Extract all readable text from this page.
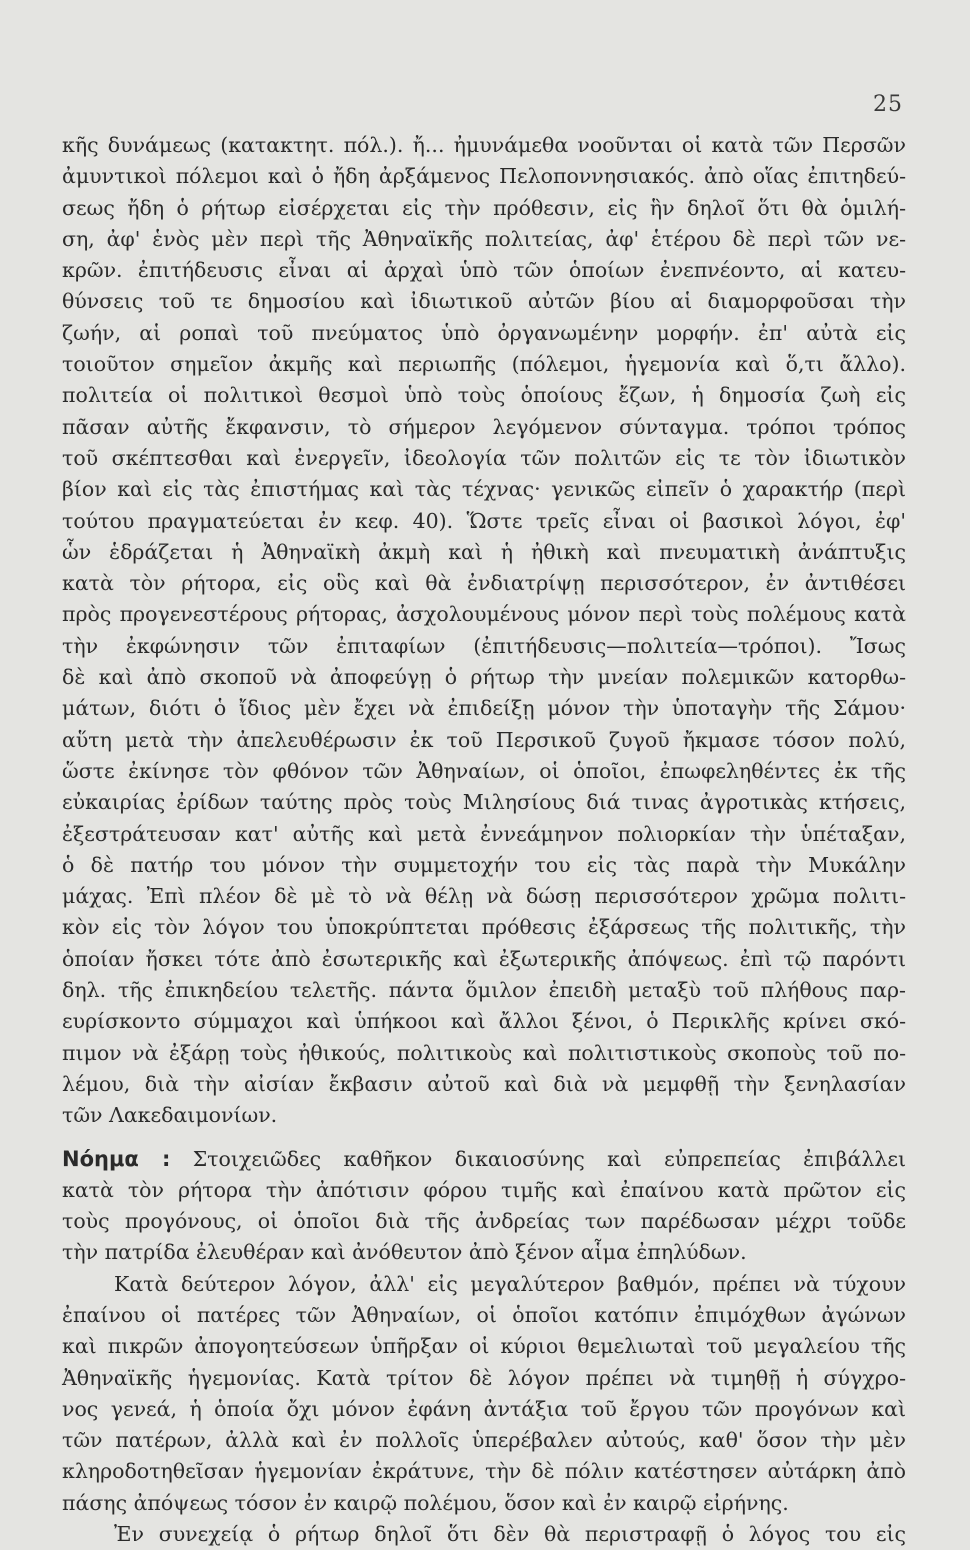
25

κῆς δυνάμεως (κατακτητ. πόλ.). ἤ... ἠμυνάμεθα νοοῦνται οἱ κατὰ τῶν Περσῶν
ἀμυντικοὶ πόλεμοι καὶ ὁ ἤδη ἀρξάμενος Πελοποννησιακός. ἀπὸ οἵας ἐπιτηδεύ-
σεως ἤδη ὁ ρήτωρ εἰσέρχεται εἰς τὴν πρόθεσιν, εἰς ἣν δηλοῖ ὅτι θὰ ὁμιλή-
ση, ἀφ' ἑνὸς μὲν περὶ τῆς Ἀθηναϊκῆς πολιτείας, ἀφ' ἑτέρου δὲ περὶ τῶν νε-
κρῶν. ἐπιτήδευσις εἶναι αἱ ἀρχαὶ ὑπὸ τῶν ὁποίων ἐνεπνέοντο, αἱ κατευ-
θύνσεις τοῦ τε δημοσίου καὶ ἰδιωτικοῦ αὐτῶν βίου αἱ διαμορφοῦσαι τὴν
ζωήν, αἱ ροπαὶ τοῦ πνεύματος ὑπὸ ὀργανωμένην μορφήν. ἐπ' αὐτὰ εἰς
τοιοῦτον σημεῖον ἀκμῆς καὶ περιωπῆς (πόλεμοι, ἡγεμονία καὶ ὅ,τι ἄλλο).
πολιτεία οἱ πολιτικοὶ θεσμοὶ ὑπὸ τοὺς ὁποίους ἔζων, ἡ δημοσία ζωὴ εἰς
πᾶσαν αὐτῆς ἔκφανσιν, τὸ σήμερον λεγόμενον σύνταγμα. τρόποι τρόπος
τοῦ σκέπτεσθαι καὶ ἐνεργεῖν, ἰδεολογία τῶν πολιτῶν εἰς τε τὸν ἰδιωτικὸν
βίον καὶ εἰς τὰς ἐπιστήμας καὶ τὰς τέχνας· γενικῶς εἰπεῖν ὁ χαρακτήρ (περὶ
τούτου πραγματεύεται ἐν κεφ. 40). Ὥστε τρεῖς εἶναι οἱ βασικοὶ λόγοι, ἐφ'
ὧν ἑδράζεται ἡ Ἀθηναϊκὴ ἀκμὴ καὶ ἡ ἠθικὴ καὶ πνευματικὴ ἀνάπτυξις
κατὰ τὸν ρήτορα, εἰς οὓς καὶ θὰ ἐνδιατρίψῃ περισσότερον, ἐν ἀντιθέσει
πρὸς προγενεστέρους ρήτορας, ἀσχολουμένους μόνον περὶ τοὺς πολέμους κατὰ
τὴν ἐκφώνησιν τῶν ἐπιταφίων (ἐπιτήδευσις—πολιτεία—τρόποι). Ἴσως
δὲ καὶ ἀπὸ σκοποῦ νὰ ἀποφεύγῃ ὁ ρήτωρ τὴν μνείαν πολεμικῶν κατορθω-
μάτων, διότι ὁ ἴδιος μὲν ἔχει νὰ ἐπιδείξῃ μόνον τὴν ὑποταγὴν τῆς Σάμου·
αὕτη μετὰ τὴν ἀπελευθέρωσιν ἐκ τοῦ Περσικοῦ ζυγοῦ ἤκμασε τόσον πολύ,
ὥστε ἐκίνησε τὸν φθόνον τῶν Ἀθηναίων, οἱ ὁποῖοι, ἐπωφεληθέντες ἐκ τῆς
εὐκαιρίας ἐρίδων ταύτης πρὸς τοὺς Μιλησίους διά τινας ἀγροτικὰς κτήσεις,
ἐξεστράτευσαν κατ' αὐτῆς καὶ μετὰ ἐννεάμηνον πολιορκίαν τὴν ὑπέταξαν,
ὁ δὲ πατήρ του μόνον τὴν συμμετοχήν του εἰς τὰς παρὰ τὴν Μυκάλην
μάχας. Ἐπὶ πλέον δὲ μὲ τὸ νὰ θέλῃ νὰ δώσῃ περισσότερον χρῶμα πολιτι-
κὸν εἰς τὸν λόγον του ὑποκρύπτεται πρόθεσις ἐξάρσεως τῆς πολιτικῆς, τὴν
ὁποίαν ἤσκει τότε ἀπὸ ἐσωτερικῆς καὶ ἐξωτερικῆς ἀπόψεως. ἐπὶ τῷ παρόντι
δηλ. τῆς ἐπικηδείου τελετῆς. πάντα ὅμιλον ἐπειδὴ μεταξὺ τοῦ πλήθους παρ-
ευρίσκοντο σύμμαχοι καὶ ὑπήκοοι καὶ ἄλλοι ξένοι, ὁ Περικλῆς κρίνει σκό-
πιμον νὰ ἐξάρῃ τοὺς ἠθικούς, πολιτικοὺς καὶ πολιτιστικοὺς σκοποὺς τοῦ πο-
λέμου, διὰ τὴν αἰσίαν ἔκβασιν αὐτοῦ καὶ διὰ νὰ μεμφθῇ τὴν ξενηλασίαν
τῶν Λακεδαιμονίων.

Νόημα : Στοιχειῶδες καθῆκον δικαιοσύνης καὶ εὐπρεπείας ἐπιβάλλει
κατὰ τὸν ρήτορα τὴν ἀπότισιν φόρου τιμῆς καὶ ἐπαίνου κατὰ πρῶτον εἰς
τοὺς προγόνους, οἱ ὁποῖοι διὰ τῆς ἀνδρείας των παρέδωσαν μέχρι τοῦδε
τὴν πατρίδα ἐλευθέραν καὶ ἀνόθευτον ἀπὸ ξένον αἷμα ἐπηλύδων.

Κατὰ δεύτερον λόγον, ἀλλ' εἰς μεγαλύτερον βαθμόν, πρέπει νὰ τύχουν
ἐπαίνου οἱ πατέρες τῶν Ἀθηναίων, οἱ ὁποῖοι κατόπιν ἐπιμόχθων ἀγώνων
καὶ πικρῶν ἀπογοητεύσεων ὑπῆρξαν οἱ κύριοι θεμελιωταὶ τοῦ μεγαλείου τῆς
Ἀθηναϊκῆς ἡγεμονίας. Κατὰ τρίτον δὲ λόγον πρέπει νὰ τιμηθῇ ἡ σύγχρο-
νος γενεά, ἡ ὁποία ὄχι μόνον ἐφάνη ἀντάξια τοῦ ἔργου τῶν προγόνων καὶ
τῶν πατέρων, ἀλλὰ καὶ ἐν πολλοῖς ὑπερέβαλεν αὐτούς, καθ' ὅσον τὴν μὲν
κληροδοτηθεῖσαν ἡγεμονίαν ἐκράτυνε, τὴν δὲ πόλιν κατέστησεν αὐτάρκη ἀπὸ
πάσης ἀπόψεως τόσον ἐν καιρῷ πολέμου, ὅσον καὶ ἐν καιρῷ εἰρήνης.

Ἐν συνεχείᾳ ὁ ρήτωρ δηλοῖ ὅτι δὲν θὰ περιστραφῇ ὁ λόγος του εἰς
